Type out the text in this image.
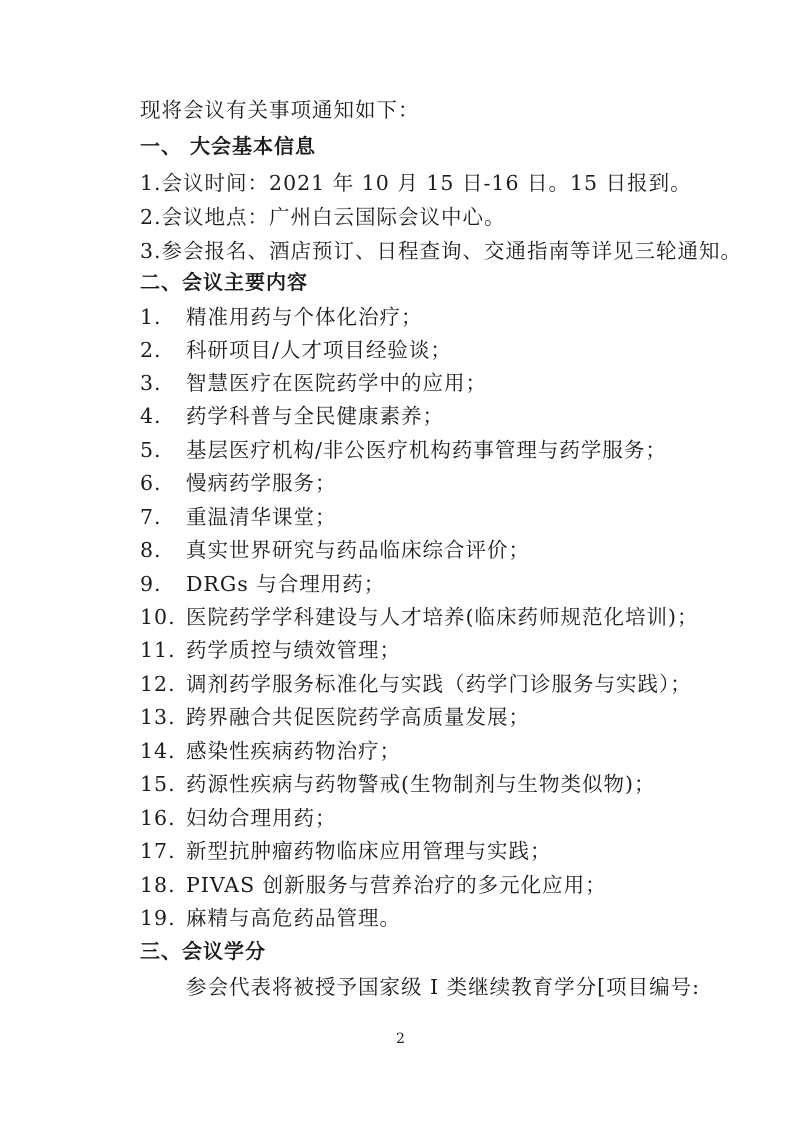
现将会议有关事项通知如下：
一、 大会基本信息
1.会议时间：2021 年 10 月 15 日-16 日。15 日报到。
2.会议地点：广州白云国际会议中心。
3.参会报名、酒店预订、日程查询、交通指南等详见三轮通知。
二、会议主要内容
1. 精准用药与个体化治疗；
2. 科研项目/人才项目经验谈；
3. 智慧医疗在医院药学中的应用；
4. 药学科普与全民健康素养；
5. 基层医疗机构/非公医疗机构药事管理与药学服务；
6. 慢病药学服务；
7. 重温清华课堂；
8. 真实世界研究与药品临床综合评价；
9. DRGs 与合理用药；
10. 医院药学学科建设与人才培养(临床药师规范化培训)；
11. 药学质控与绩效管理；
12. 调剂药学服务标准化与实践（药学门诊服务与实践）；
13. 跨界融合共促医院药学高质量发展；
14. 感染性疾病药物治疗；
15. 药源性疾病与药物警戒(生物制剂与生物类似物)；
16. 妇幼合理用药；
17. 新型抗肿瘤药物临床应用管理与实践；
18. PIVAS 创新服务与营养治疗的多元化应用；
19. 麻精与高危药品管理。
三、会议学分
参会代表将被授予国家级 I 类继续教育学分[项目编号:
2
